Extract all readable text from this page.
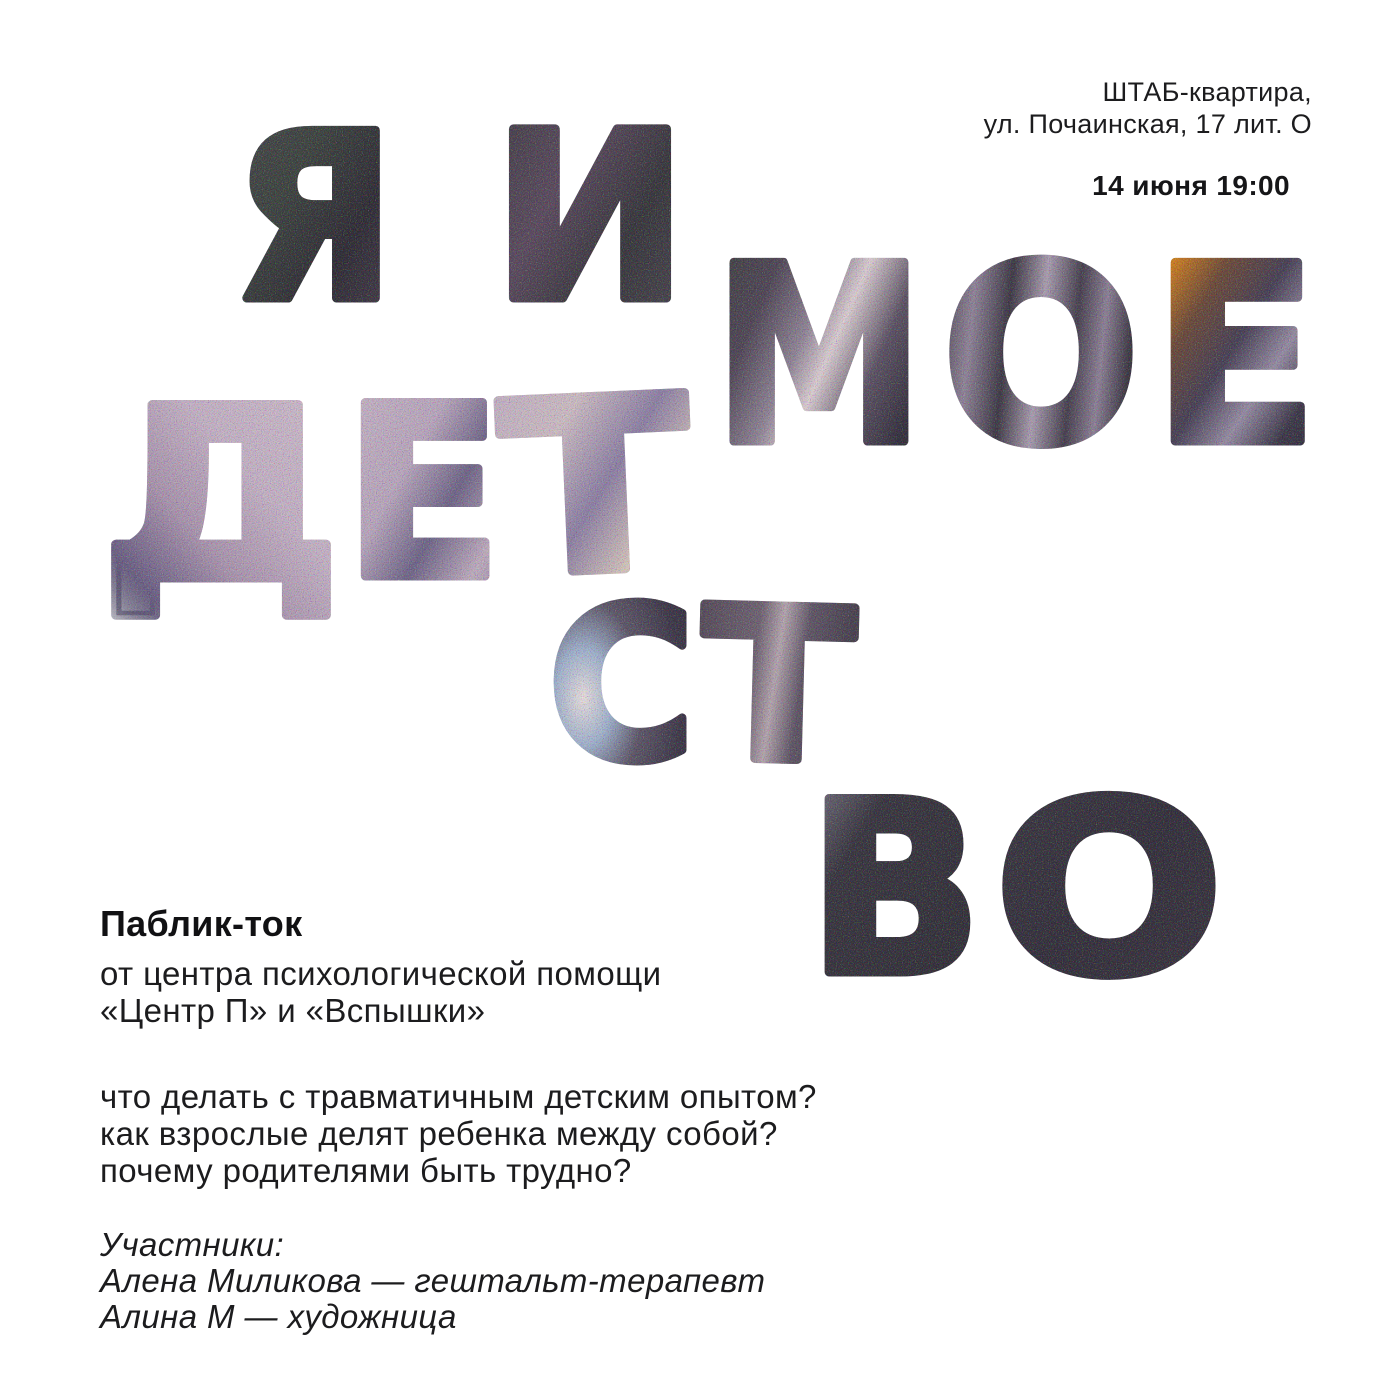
ШТАБ-квартира,
ул. Почаинская, 17 лит. О
14 июня 19:00
Я И М О Е
Д Е
Т
С Т
В О
Паблик-ток
от центра психологической помощи
«Центр П» и «Вспышки»
что делать с травматичным детским опытом?
как взрослые делят ребенка между собой?
почему родителями быть трудно?
Участники:
Алена Миликова — гештальт-терапевт
Алина М — художница
